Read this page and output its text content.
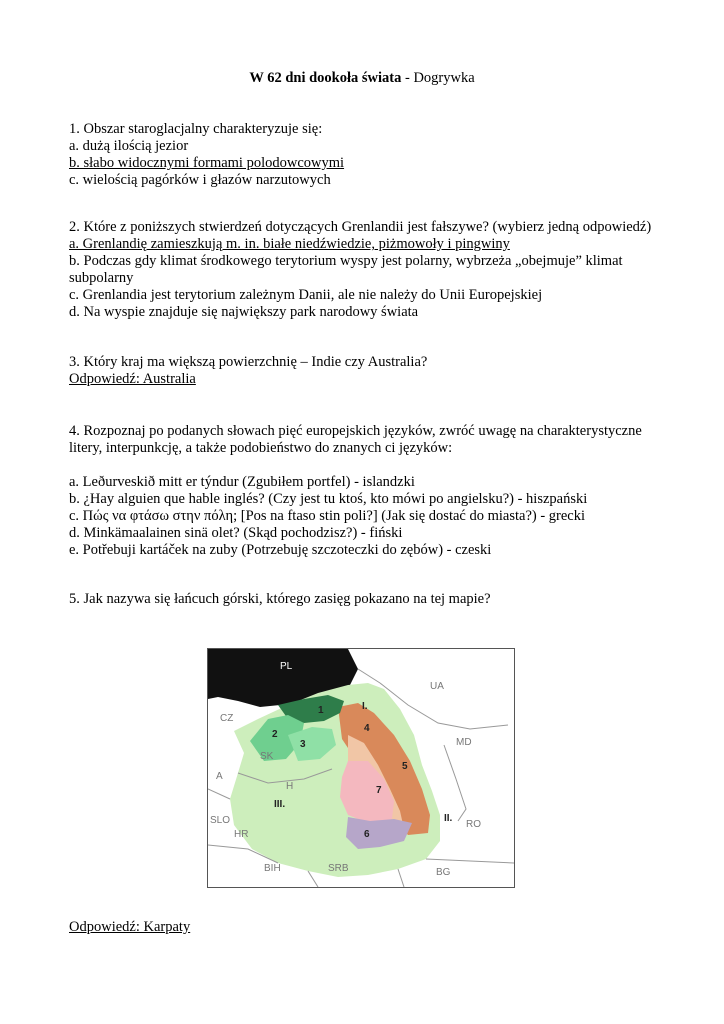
W 62 dni dookoła świata - Dogrywka
1. Obszar staroglacjalny charakteryzuje się:
a. dużą ilością jezior
b. słabo widocznymi formami polodowcowymi
c. wielością pagórków i głazów narzutowych
2. Które z poniższych stwierdzeń dotyczących Grenlandii jest fałszywe? (wybierz jedną odpowiedź)
a. Grenlandię zamieszkują m. in. białe niedźwiedzie, piżmowoły i pingwiny
b. Podczas gdy klimat środkowego terytorium wyspy jest polarny, wybrzeża „obejmuje” klimat
subpolarny
c. Grenlandia jest terytorium zależnym Danii, ale nie należy do Unii Europejskiej
d. Na wyspie znajduje się największy park narodowy świata
3. Który kraj ma większą powierzchnię – Indie czy Australia?
Odpowiedź: Australia
4. Rozpoznaj po podanych słowach pięć europejskich języków, zwróć uwagę na charakterystyczne
litery, interpunkcję, a także podobieństwo do znanych ci języków:
a. Leðurveskið mitt er týndur (Zgubiłem portfel) - islandzki
b. ¿Hay alguien que hable inglés? (Czy jest tu ktoś, kto mówi po angielsku?) - hiszpański
c. Πώς να φτάσω στην πόλη; [Pos na ftaso stin poli?] (Jak się dostać do miasta?) - grecki
d. Minkämaalainen sinä olet? (Skąd pochodzisz?) - fiński
e. Potřebuji kartáček na zuby (Potrzebuję szczoteczki do zębów) - czeski
5. Jak nazywa się łańcuch górski, którego zasięg pokazano na tej mapie?
PL
UA
CZ
SK
MD
A
H
SLO
HR
RO
BIH	SRB	BG
1
2
3
4
5
6
7
I.
II.
III.
Odpowiedź: Karpaty
